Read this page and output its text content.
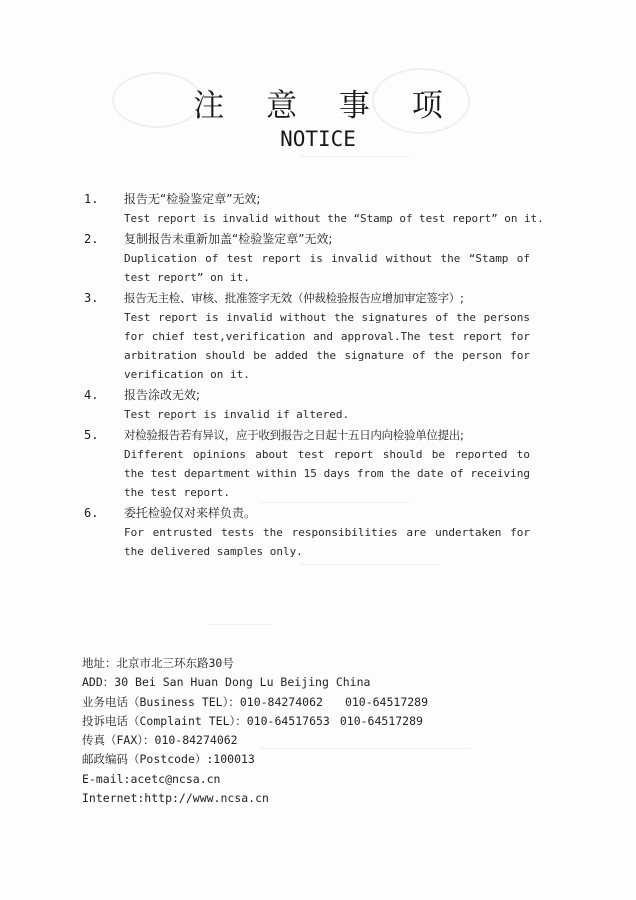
注 意 事 项
NOTICE
1. 报告无“检验鉴定章”无效;
Test report is invalid without the “Stamp of test report” on it.
2. 复制报告未重新加盖“检验鉴定章”无效;
Duplication of test report is invalid without the “Stamp of test report” on it.
3. 报告无主检、审核、批准签字无效（仲裁检验报告应增加审定签字）;
Test report is invalid without the signatures of the persons for chief test,verification and approval.The test report for arbitration should be added the signature of the person for verification on it.
4. 报告涂改无效;
Test report is invalid if altered.
5. 对检验报告若有异议，应于收到报告之日起十五日内向检验单位提出;
Different opinions about test report should be reported to the test department within 15 days from the date of receiving the test report.
6. 委托检验仅对来样负责。
For entrusted tests the responsibilities are undertaken for the delivered samples only.
地址：北京市北三环东路30号
ADD：30 Bei San Huan Dong Lu Beijing China
业务电话（Business TEL）：010-84274062 010-64517289
投诉电话（Complaint TEL）：010-64517653 010-64517289
传真（FAX）：010-84274062
邮政编码（Postcode）:100013
E-mail:acetc@ncsa.cn
Internet:http://www.ncsa.cn
